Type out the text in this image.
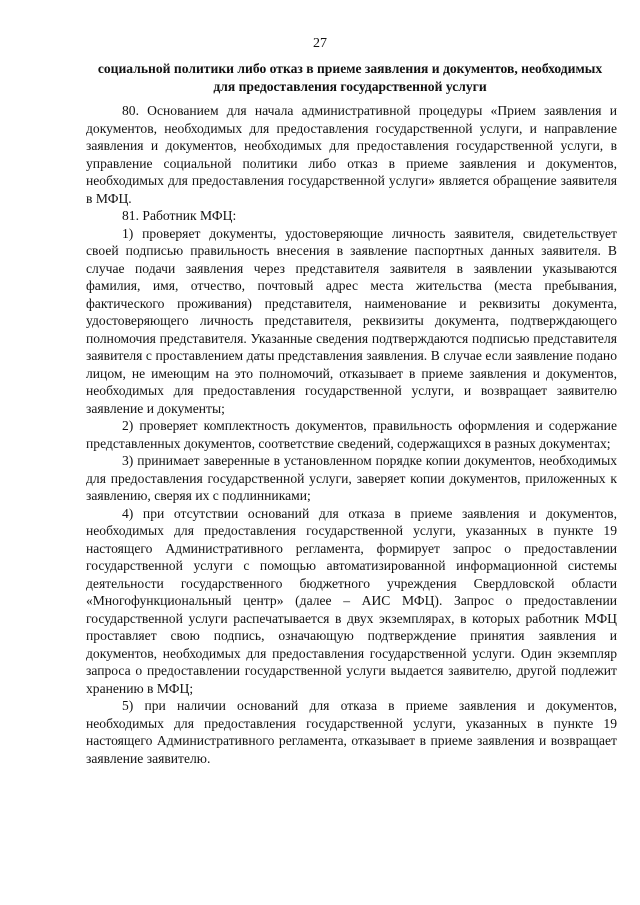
27
социальной политики либо отказ в приеме заявления и документов, необходимых для предоставления государственной услуги

80. Основанием для начала административной процедуры «Прием заявления и документов, необходимых для предоставления государственной услуги, и направление заявления и документов, необходимых для предоставления государственной услуги, в управление социальной политики либо отказ в приеме заявления и документов, необходимых для предоставления государственной услуги» является обращение заявителя в МФЦ.

81. Работник МФЦ:

1) проверяет документы, удостоверяющие личность заявителя, свидетельствует своей подписью правильность внесения в заявление паспортных данных заявителя. В случае подачи заявления через представителя заявителя в заявлении указываются фамилия, имя, отчество, почтовый адрес места жительства (места пребывания, фактического проживания) представителя, наименование и реквизиты документа, удостоверяющего личность представителя, реквизиты документа, подтверждающего полномочия представителя. Указанные сведения подтверждаются подписью представителя заявителя с проставлением даты представления заявления. В случае если заявление подано лицом, не имеющим на это полномочий, отказывает в приеме заявления и документов, необходимых для предоставления государственной услуги, и возвращает заявителю заявление и документы;

2) проверяет комплектность документов, правильность оформления и содержание представленных документов, соответствие сведений, содержащихся в разных документах;

3) принимает заверенные в установленном порядке копии документов, необходимых для предоставления государственной услуги, заверяет копии документов, приложенных к заявлению, сверяя их с подлинниками;

4) при отсутствии оснований для отказа в приеме заявления и документов, необходимых для предоставления государственной услуги, указанных в пункте 19 настоящего Административного регламента, формирует запрос о предоставлении государственной услуги с помощью автоматизированной информационной системы деятельности государственного бюджетного учреждения Свердловской области «Многофункциональный центр» (далее – АИС МФЦ). Запрос о предоставлении государственной услуги распечатывается в двух экземплярах, в которых работник МФЦ проставляет свою подпись, означающую подтверждение принятия заявления и документов, необходимых для предоставления государственной услуги. Один экземпляр запроса о предоставлении государственной услуги выдается заявителю, другой подлежит хранению в МФЦ;

5) при наличии оснований для отказа в приеме заявления и документов, необходимых для предоставления государственной услуги, указанных в пункте 19 настоящего Административного регламента, отказывает в приеме заявления и возвращает заявление заявителю.
